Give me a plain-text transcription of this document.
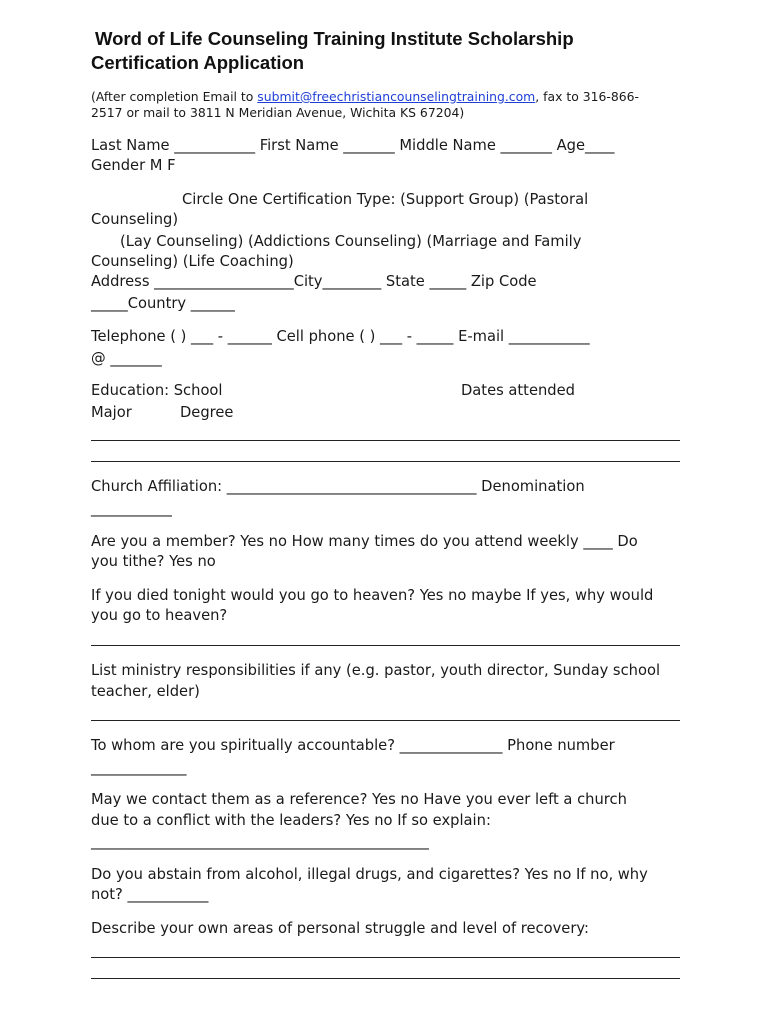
Word of Life Counseling Training Institute Scholarship
Certification Application
(After completion Email to submit@freechristiancounselingtraining.com, fax to 316-866-
2517 or mail to 3811 N Meridian Avenue, Wichita KS 67204)
Last Name ___________ First Name _______ Middle Name _______ Age____
Gender M F
Circle One Certification Type: (Support Group) (Pastoral
Counseling)
(Lay Counseling) (Addictions Counseling) (Marriage and Family
Counseling) (Life Coaching)
Address ___________________City________ State _____ Zip Code
_____Country ______
Telephone ( ) ___ - ______ Cell phone ( ) ___ - _____ E-mail ___________
@ _______
Education: School	Dates attended
Major	Degree
Church Affiliation: __________________________________ Denomination
___________
Are you a member? Yes no How many times do you attend weekly ____ Do
you tithe? Yes no
If you died tonight would you go to heaven? Yes no maybe If yes, why would
you go to heaven?
List ministry responsibilities if any (e.g. pastor, youth director, Sunday school
teacher, elder)
To whom are you spiritually accountable? ______________ Phone number
_____________
May we contact them as a reference? Yes no Have you ever left a church
due to a conflict with the leaders? Yes no If so explain:
______________________________________________
Do you abstain from alcohol, illegal drugs, and cigarettes? Yes no If no, why
not? ___________
Describe your own areas of personal struggle and level of recovery:
